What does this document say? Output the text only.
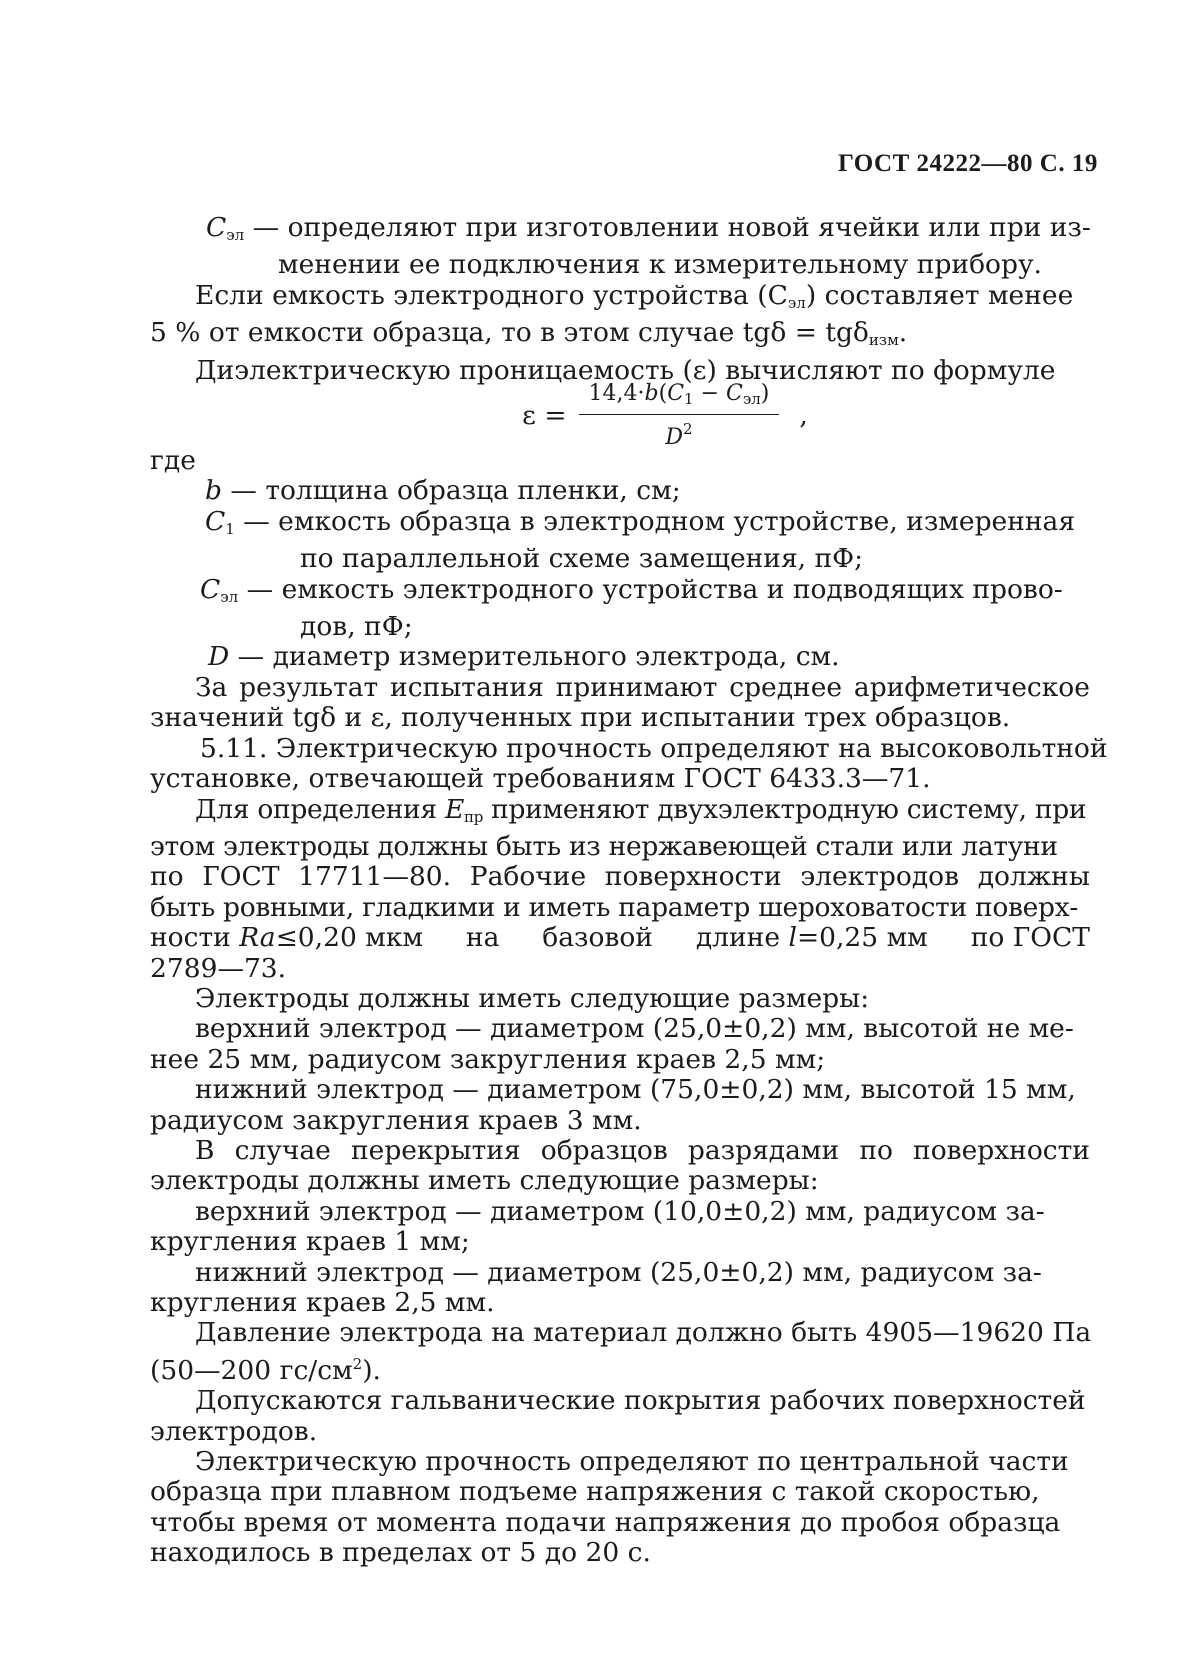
ГОСТ 24222—80 С. 19
$C_{эл}$ — определяют при изготовлении новой ячейки или при из-
менении ее подключения к измерительному прибору.
Если емкость электродного устройства $(C_{эл})$ составляет менее
5 % от емкости образца, то в этом случае tgδ = tgδ$_{изм}$.
Диэлектрическую проницаемость (ε) вычисляют по формуле
$\varepsilon = \frac{14,4\cdot b(C_1 - C_{эл})}{D^2}$ ,
где
b — толщина образца пленки, см;
$C_1$ — емкость образца в электродном устройстве, измеренная
по параллельной схеме замещения, пФ;
$C_{эл}$ — емкость электродного устройства и подводящих прово-
дов, пФ;
D — диаметр измерительного электрода, см.
За результат испытания принимают среднее арифметическое
значений tgδ и ε, полученных при испытании трех образцов.
5.11. Электрическую прочность определяют на высоковольтной
установке, отвечающей требованиям ГОСТ 6433.3—71.
Для определения $E_{пр}$ применяют двухэлектродную систему, при
этом электроды должны быть из нержавеющей стали или латуни
по ГОСТ 17711—80. Рабочие поверхности электродов должны
быть ровными, гладкими и иметь параметр шероховатости поверх-
ности Ra≤0,20 мкм на базовой длине l=0,25 мм по ГОСТ
2789—73.
Электроды должны иметь следующие размеры:
верхний электрод — диаметром (25,0±0,2) мм, высотой не ме-
нее 25 мм, радиусом закругления краев 2,5 мм;
нижний электрод — диаметром (75,0±0,2) мм, высотой 15 мм,
радиусом закругления краев 3 мм.
В случае перекрытия образцов разрядами по поверхности
электроды должны иметь следующие размеры:
верхний электрод — диаметром (10,0±0,2) мм, радиусом за-
кругления краев 1 мм;
нижний электрод — диаметром (25,0±0,2) мм, радиусом за-
кругления краев 2,5 мм.
Давление электрода на материал должно быть 4905—19620 Па
(50—200 $гс/см^2$).
Допускаются гальванические покрытия рабочих поверхностей
электродов.
Электрическую прочность определяют по центральной части
образца при плавном подъеме напряжения с такой скоростью,
чтобы время от момента подачи напряжения до пробоя образца
находилось в пределах от 5 до 20 с.
